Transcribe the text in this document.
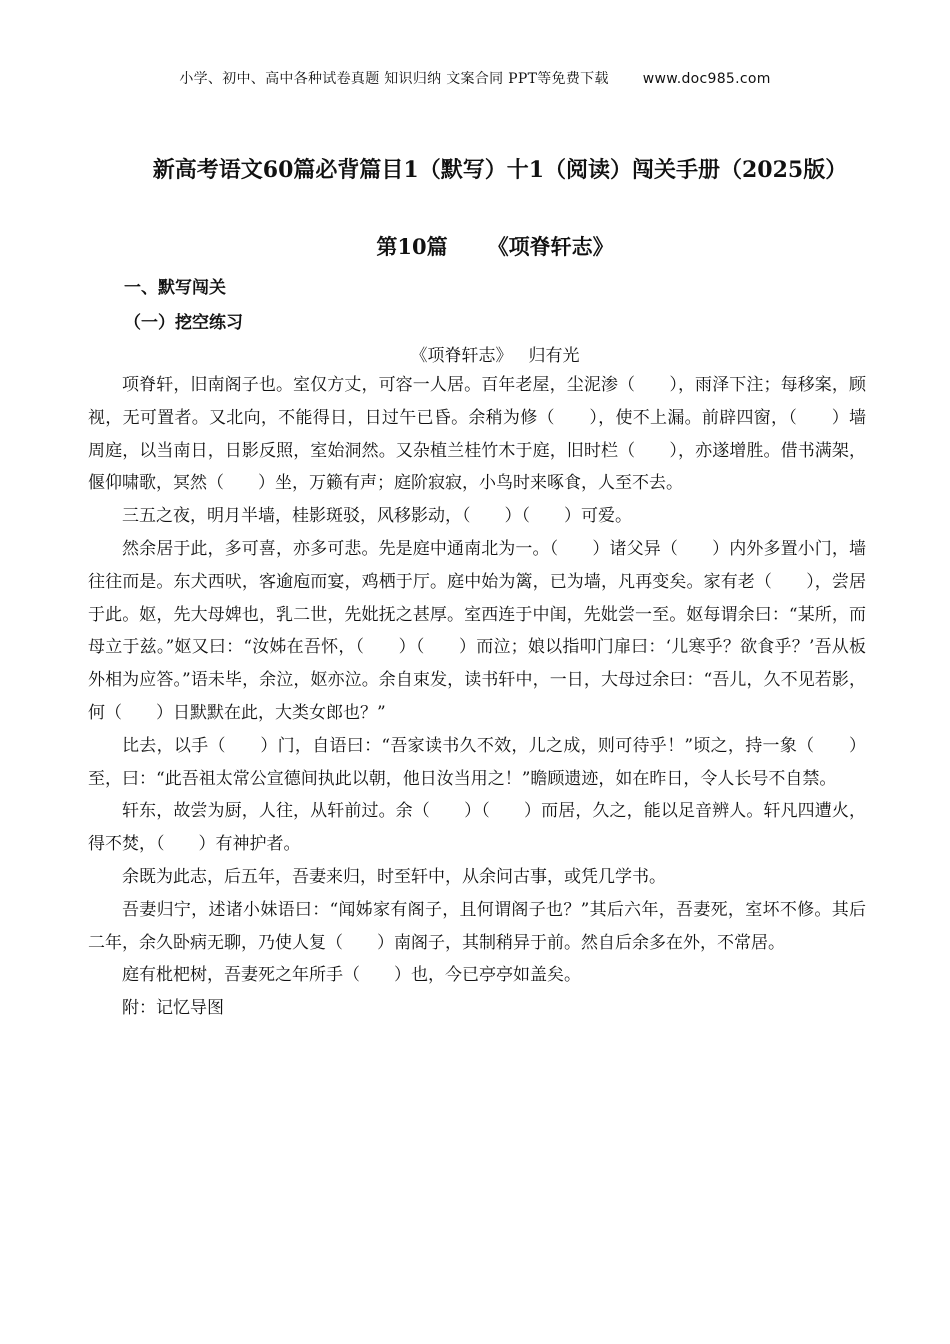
小学、初中、高中各种试卷真题 知识归纳 文案合同 PPT等免费下载 www.doc985.com
新高考语文60篇必背篇目1（默写）十1（阅读）闯关手册（2025版）
第10篇 《项脊轩志》
一、默写闯关
（一）挖空练习
《项脊轩志》 归有光

项脊轩，旧南阁子也。室仅方丈，可容一人居。百年老屋，尘泥渗（　　），雨泽下注；每移案，顾视，无可置者。又北向，不能得日，日过午已昏。余稍为修（　　），使不上漏。前辟四窗，（　　）墙周庭，以当南日，日影反照，室始洞然。又杂植兰桂竹木于庭，旧时栏（　　），亦遂增胜。借书满架，偃仰啸歌，冥然（　　）坐，万籁有声；庭阶寂寂，小鸟时来啄食，人至不去。

三五之夜，明月半墙，桂影斑驳，风移影动，（　　）（　　）可爱。

然余居于此，多可喜，亦多可悲。先是庭中通南北为一。（　　）诸父异（　　）内外多置小门，墙往往而是。东犬西吠，客逾庖而宴，鸡栖于厅。庭中始为篱，已为墙，凡再变矣。家有老（　　），尝居于此。妪，先大母婢也，乳二世，先妣抚之甚厚。室西连于中闺，先妣尝一至。妪每谓余曰：“某所，而母立于兹。”妪又曰：“汝姊在吾怀，（　　）（　　）而泣；娘以指叩门扉曰：‘儿寒乎？欲食乎？’吾从板外相为应答。”语未毕，余泣，妪亦泣。余自束发，读书轩中，一日，大母过余曰：“吾儿，久不见若影，何（　　）日默默在此，大类女郎也？”

比去，以手（　　）门，自语曰：“吾家读书久不效，儿之成，则可待乎！”顷之，持一象（　　）至，曰：“此吾祖太常公宣德间执此以朝，他日汝当用之！”瞻顾遗迹，如在昨日，令人长号不自禁。

轩东，故尝为厨，人往，从轩前过。余（　　）（　　）而居，久之，能以足音辨人。轩凡四遭火，得不焚，（　　）有神护者。

余既为此志，后五年，吾妻来归，时至轩中，从余问古事，或凭几学书。

吾妻归宁，述诸小妹语曰：“闻姊家有阁子，且何谓阁子也？”其后六年，吾妻死，室坏不修。其后二年，余久卧病无聊，乃使人复（　　）南阁子，其制稍异于前。然自后余多在外，不常居。

庭有枇杷树，吾妻死之年所手（　　）也，今已亭亭如盖矣。

附：记忆导图
